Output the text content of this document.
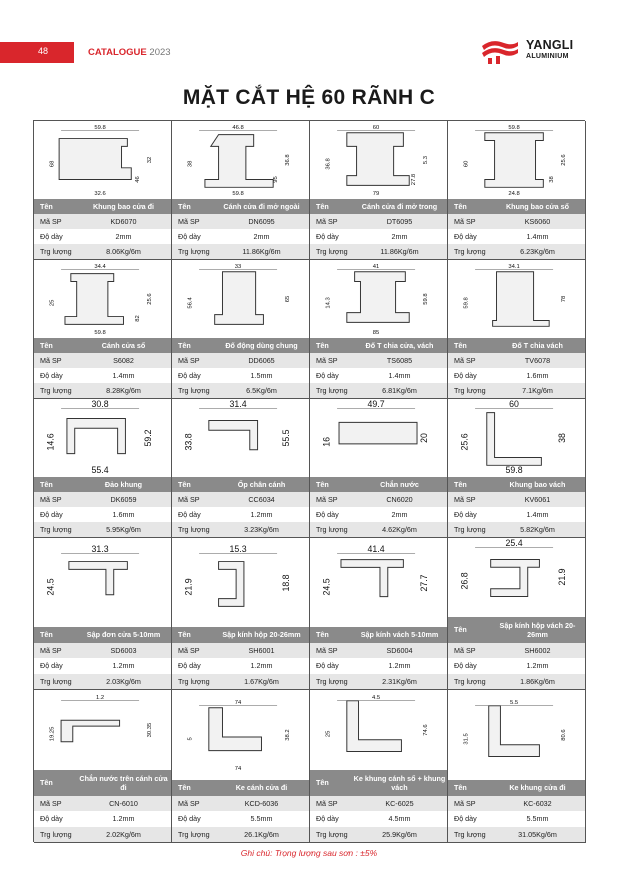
48	CATALOGUE 2023
YANGLI
ALUMINIUM
MẶT CẮT HỆ 60 RÃNH C
59.8
68
32
32.6
46
Tên	Khung bao cửa đi
Mã SP	KD6070
Độ dày	2mm
Trg lượng	8.06Kg/6m
46.8
38	36.8
59.8
95
Tên	Cánh cửa đi mở ngoài
Mã SP	DN6095
Độ dày	2mm
Trg lượng	11.86Kg/6m
60
36.8	5.3
79
27.8
Tên	Cánh cửa đi mở trong
Mã SP	DT6095
Độ dày	2mm
Trg lượng	11.86Kg/6m
59.8
60	25.6
24.8
38
Tên	Khung bao cửa sổ
Mã SP	KS6060
Độ dày	1.4mm
Trg lượng	6.23Kg/6m
34.4
25	25.6
59.8
82
Tên	Cánh cửa sổ
Mã SP	S6082
Độ dày	1.4mm
Trg lượng	8.28Kg/6m
33
56.4	65
Tên	Đố động dùng chung
Mã SP	DD6065
Độ dày	1.5mm
Trg lượng	6.5Kg/6m
41
14.3	59.8
85
Tên	Đố T chia cửa, vách
Mã SP	TS6085
Độ dày	1.4mm
Trg lượng	6.81Kg/6m
34.1
59.8	78
Tên	Đố T chia vách
Mã SP	TV6078
Độ dày	1.6mm
Trg lượng	7.1Kg/6m
30.8
14.6	59.2
55.4
Tên	Đảo khung
Mã SP	DK6059
Độ dày	1.6mm
Trg lượng	5.95Kg/6m
31.4
33.8	55.5
Tên	Ốp chân cánh
Mã SP	CC6034
Độ dày	1.2mm
Trg lượng	3.23Kg/6m
49.7
16	20
Tên	Chắn nước
Mã SP	CN6020
Độ dày	2mm
Trg lượng	4.62Kg/6m
60
25.6	38
59.8
Tên	Khung bao vách
Mã SP	KV6061
Độ dày	1.4mm
Trg lượng	5.82Kg/6m
31.3
24.5
Tên	Sập đơn cửa 5-10mm
Mã SP	SD6003
Độ dày	1.2mm
Trg lượng	2.03Kg/6m
15.3
21.9	18.8
Tên	Sập kính hộp 20-26mm
Mã SP	SH6001
Độ dày	1.2mm
Trg lượng	1.67Kg/6m
41.4
24.5	27.7
Tên	Sập kính vách 5-10mm
Mã SP	SD6004
Độ dày	1.2mm
Trg lượng	2.31Kg/6m
25.4
26.8	21.9
Tên	Sập kính hộp vách 20-26mm
Mã SP	SH6002
Độ dày	1.2mm
Trg lượng	1.86Kg/6m
1.2
19.25	30.35
Tên	Chắn nước trên cánh cửa đi
Mã SP	CN-6010
Độ dày	1.2mm
Trg lượng	2.02Kg/6m
74
5	38.2
74
Tên	Ke cánh cửa đi
Mã SP	KCD-6036
Độ dày	5.5mm
Trg lượng	26.1Kg/6m
4.5
25	74.6
Tên	Ke khung cánh sổ + khung vách
Mã SP	KC-6025
Độ dày	4.5mm
Trg lượng	25.9Kg/6m
5.5
31.5	80.6
Tên	Ke khung cửa đi
Mã SP	KC-6032
Độ dày	5.5mm
Trg lượng	31.05Kg/6m
Ghi chú: Trọng lượng sau sơn : ±5%
